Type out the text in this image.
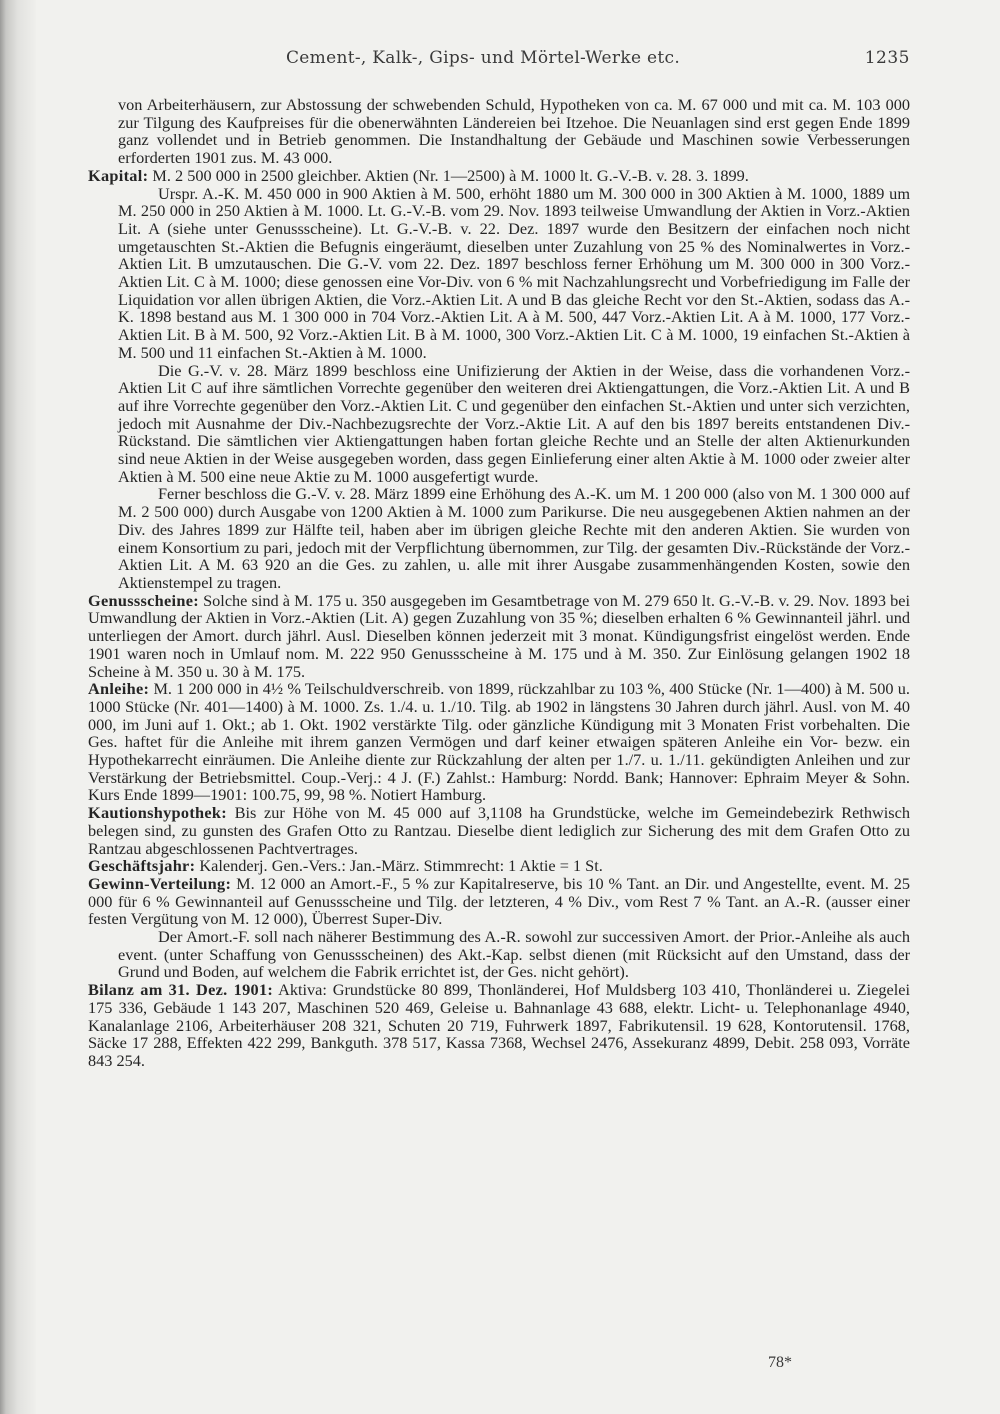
Cement-, Kalk-, Gips- und Mörtel-Werke etc.	1235

von Arbeiterhäusern, zur Abstossung der schwebenden Schuld, Hypotheken von ca. M. 67 000 und mit ca. M. 103 000 zur Tilgung des Kaufpreises für die obenerwähnten Ländereien bei Itzehoe. Die Neuanlagen sind erst gegen Ende 1899 ganz vollendet und in Betrieb genommen. Die Instandhaltung der Gebäude und Maschinen sowie Verbesserungen erforderten 1901 zus. M. 43 000.

Kapital: M. 2 500 000 in 2500 gleichber. Aktien (Nr. 1—2500) à M. 1000 lt. G.-V.-B. v. 28. 3. 1899.

Urspr. A.-K. M. 450 000 in 900 Aktien à M. 500, erhöht 1880 um M. 300 000 in 300 Aktien à M. 1000, 1889 um M. 250 000 in 250 Aktien à M. 1000. Lt. G.-V.-B. vom 29. Nov. 1893 teilweise Umwandlung der Aktien in Vorz.-Aktien Lit. A (siehe unter Genussscheine). Lt. G.-V.-B. v. 22. Dez. 1897 wurde den Besitzern der einfachen noch nicht umgetauschten St.-Aktien die Befugnis eingeräumt, dieselben unter Zuzahlung von 25 % des Nominalwertes in Vorz.-Aktien Lit. B umzutauschen. Die G.-V. vom 22. Dez. 1897 beschloss ferner Erhöhung um M. 300 000 in 300 Vorz.-Aktien Lit. C à M. 1000; diese genossen eine Vor-Div. von 6 % mit Nachzahlungsrecht und Vorbefriedigung im Falle der Liquidation vor allen übrigen Aktien, die Vorz.-Aktien Lit. A und B das gleiche Recht vor den St.-Aktien, sodass das A.-K. 1898 bestand aus M. 1 300 000 in 704 Vorz.-Aktien Lit. A à M. 500, 447 Vorz.-Aktien Lit. A à M. 1000, 177 Vorz.-Aktien Lit. B à M. 500, 92 Vorz.-Aktien Lit. B à M. 1000, 300 Vorz.-Aktien Lit. C à M. 1000, 19 einfachen St.-Aktien à M. 500 und 11 einfachen St.-Aktien à M. 1000.

Die G.-V. v. 28. März 1899 beschloss eine Unifizierung der Aktien in der Weise, dass die vorhandenen Vorz.-Aktien Lit C auf ihre sämtlichen Vorrechte gegenüber den weiteren drei Aktiengattungen, die Vorz.-Aktien Lit. A und B auf ihre Vorrechte gegenüber den Vorz.-Aktien Lit. C und gegenüber den einfachen St.-Aktien und unter sich verzichten, jedoch mit Ausnahme der Div.-Nachbezugsrechte der Vorz.-Aktie Lit. A auf den bis 1897 bereits entstandenen Div.-Rückstand. Die sämtlichen vier Aktiengattungen haben fortan gleiche Rechte und an Stelle der alten Aktienurkunden sind neue Aktien in der Weise ausgegeben worden, dass gegen Einlieferung einer alten Aktie à M. 1000 oder zweier alter Aktien à M. 500 eine neue Aktie zu M. 1000 ausgefertigt wurde.

Ferner beschloss die G.-V. v. 28. März 1899 eine Erhöhung des A.-K. um M. 1 200 000 (also von M. 1 300 000 auf M. 2 500 000) durch Ausgabe von 1200 Aktien à M. 1000 zum Parikurse. Die neu ausgegebenen Aktien nahmen an der Div. des Jahres 1899 zur Hälfte teil, haben aber im übrigen gleiche Rechte mit den anderen Aktien. Sie wurden von einem Konsortium zu pari, jedoch mit der Verpflichtung übernommen, zur Tilg. der gesamten Div.-Rückstände der Vorz.-Aktien Lit. A M. 63 920 an die Ges. zu zahlen, u. alle mit ihrer Ausgabe zusammenhängenden Kosten, sowie den Aktienstempel zu tragen.

Genussscheine: Solche sind à M. 175 u. 350 ausgegeben im Gesamtbetrage von M. 279 650 lt. G.-V.-B. v. 29. Nov. 1893 bei Umwandlung der Aktien in Vorz.-Aktien (Lit. A) gegen Zuzahlung von 35 %; dieselben erhalten 6 % Gewinnanteil jährl. und unterliegen der Amort. durch jährl. Ausl. Dieselben können jederzeit mit 3 monat. Kündigungsfrist eingelöst werden. Ende 1901 waren noch in Umlauf nom. M. 222 950 Genussscheine à M. 175 und à M. 350. Zur Einlösung gelangen 1902 18 Scheine à M. 350 u. 30 à M. 175.

Anleihe: M. 1 200 000 in 4½ % Teilschuldverschreib. von 1899, rückzahlbar zu 103 %, 400 Stücke (Nr. 1—400) à M. 500 u. 1000 Stücke (Nr. 401—1400) à M. 1000. Zs. 1./4. u. 1./10. Tilg. ab 1902 in längstens 30 Jahren durch jährl. Ausl. von M. 40 000, im Juni auf 1. Okt.; ab 1. Okt. 1902 verstärkte Tilg. oder gänzliche Kündigung mit 3 Monaten Frist vorbehalten. Die Ges. haftet für die Anleihe mit ihrem ganzen Vermögen und darf keiner etwaigen späteren Anleihe ein Vor- bezw. ein Hypothekarrecht einräumen. Die Anleihe diente zur Rückzahlung der alten per 1./7. u. 1./11. gekündigten Anleihen und zur Verstärkung der Betriebsmittel. Coup.-Verj.: 4 J. (F.) Zahlst.: Hamburg: Nordd. Bank; Hannover: Ephraim Meyer & Sohn. Kurs Ende 1899—1901: 100.75, 99, 98 %. Notiert Hamburg.

Kautionshypothek: Bis zur Höhe von M. 45 000 auf 3,1108 ha Grundstücke, welche im Gemeindebezirk Rethwisch belegen sind, zu gunsten des Grafen Otto zu Rantzau. Dieselbe dient lediglich zur Sicherung des mit dem Grafen Otto zu Rantzau abgeschlossenen Pachtvertrages.

Geschäftsjahr: Kalenderj. Gen.-Vers.: Jan.-März. Stimmrecht: 1 Aktie = 1 St.

Gewinn-Verteilung: M. 12 000 an Amort.-F., 5 % zur Kapitalreserve, bis 10 % Tant. an Dir. und Angestellte, event. M. 25 000 für 6 % Gewinnanteil auf Genussscheine und Tilg. der letzteren, 4 % Div., vom Rest 7 % Tant. an A.-R. (ausser einer festen Vergütung von M. 12 000), Überrest Super-Div.

Der Amort.-F. soll nach näherer Bestimmung des A.-R. sowohl zur successiven Amort. der Prior.-Anleihe als auch event. (unter Schaffung von Genussscheinen) des Akt.-Kap. selbst dienen (mit Rücksicht auf den Umstand, dass der Grund und Boden, auf welchem die Fabrik errichtet ist, der Ges. nicht gehört).

Bilanz am 31. Dez. 1901: Aktiva: Grundstücke 80 899, Thonländerei, Hof Muldsberg 103 410, Thonländerei u. Ziegelei 175 336, Gebäude 1 143 207, Maschinen 520 469, Geleise u. Bahnanlage 43 688, elektr. Licht- u. Telephonanlage 4940, Kanalanlage 2106, Arbeiterhäuser 208 321, Schuten 20 719, Fuhrwerk 1897, Fabrikutensil. 19 628, Kontorutensil. 1768, Säcke 17 288, Effekten 422 299, Bankguth. 378 517, Kassa 7368, Wechsel 2476, Assekuranz 4899, Debit. 258 093, Vorräte 843 254.

78*
